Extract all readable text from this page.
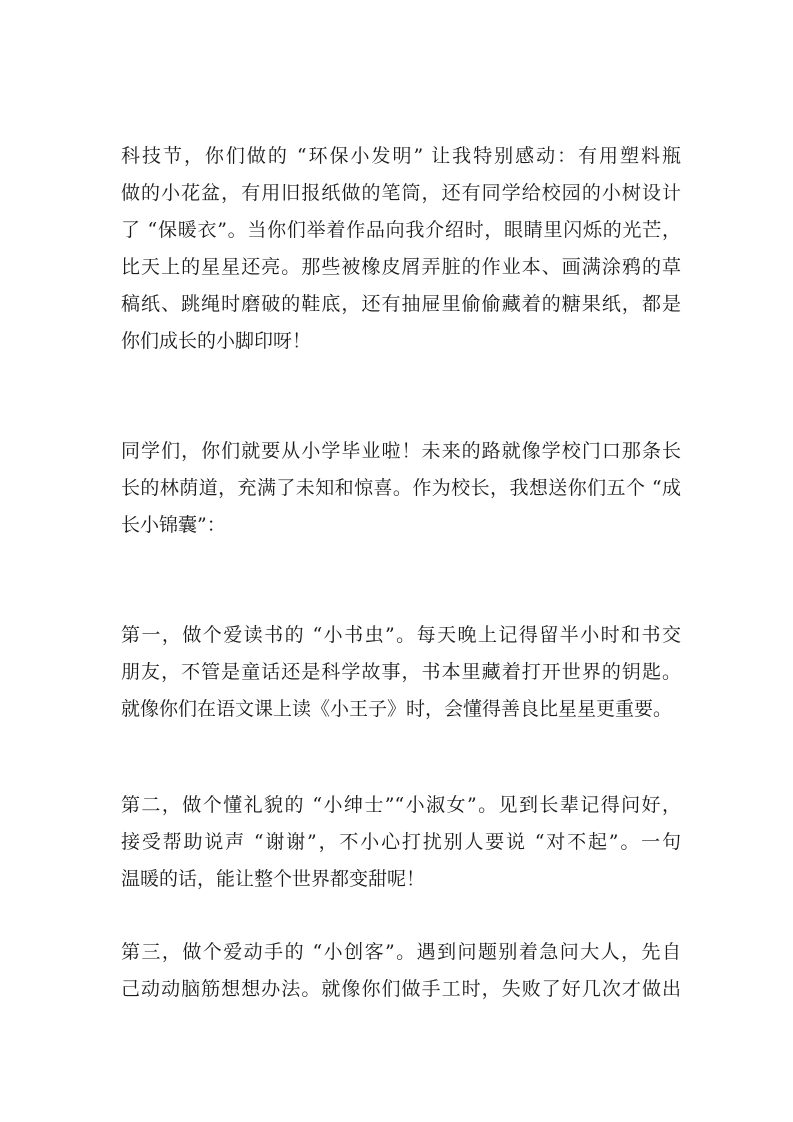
科技节，你们做的 “环保小发明” 让我特别感动：有用塑料瓶
做的小花盆，有用旧报纸做的笔筒，还有同学给校园的小树设计
了 “保暖衣”。当你们举着作品向我介绍时，眼睛里闪烁的光芒，
比天上的星星还亮。那些被橡皮屑弄脏的作业本、画满涂鸦的草
稿纸、跳绳时磨破的鞋底，还有抽屉里偷偷藏着的糖果纸，都是
你们成长的小脚印呀！
同学们，你们就要从小学毕业啦！未来的路就像学校门口那条长
长的林荫道，充满了未知和惊喜。作为校长，我想送你们五个 “成
长小锦囊”：
第一，做个爱读书的 “小书虫”。每天晚上记得留半小时和书交
朋友，不管是童话还是科学故事，书本里藏着打开世界的钥匙。
就像你们在语文课上读《小王子》时，会懂得善良比星星更重要。
第二，做个懂礼貌的 “小绅士”“小淑女”。见到长辈记得问好，
接受帮助说声 “谢谢”，不小心打扰别人要说 “对不起”。一句
温暖的话，能让整个世界都变甜呢！
第三，做个爱动手的 “小创客”。遇到问题别着急问大人，先自
己动动脑筋想想办法。就像你们做手工时，失败了好几次才做出
